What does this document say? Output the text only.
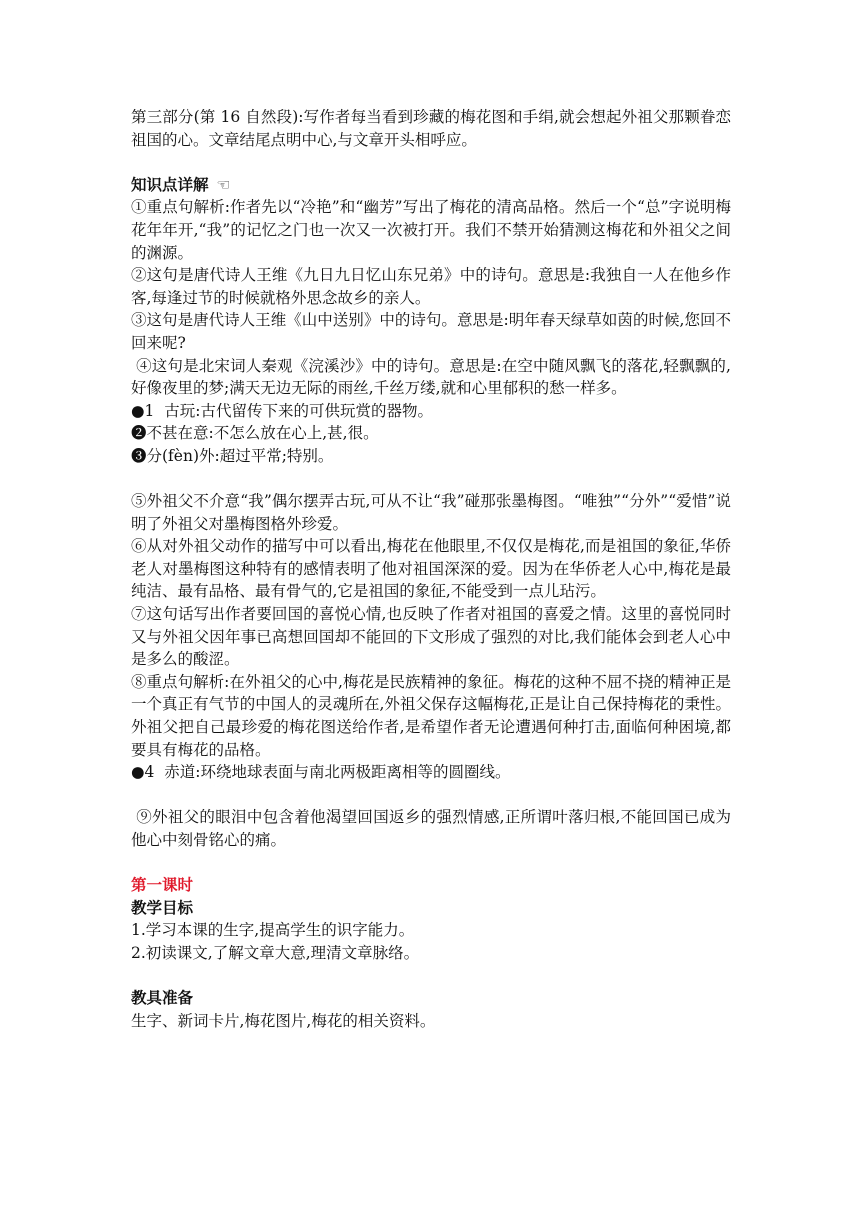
第三部分(第 16 自然段):写作者每当看到珍藏的梅花图和手绢,就会想起外祖父那颗眷恋祖国的心。文章结尾点明中心,与文章开头相呼应。

知识点详解 ☜

①重点句解析:作者先以“冷艳”和“幽芳”写出了梅花的清高品格。然后一个“总”字说明梅花年年开,“我”的记忆之门也一次又一次被打开。我们不禁开始猜测这梅花和外祖父之间的渊源。

②这句是唐代诗人王维《九日九日忆山东兄弟》中的诗句。意思是:我独自一人在他乡作客,每逢过节的时候就格外思念故乡的亲人。

③这句是唐代诗人王维《山中送别》中的诗句。意思是:明年春天绿草如茵的时候,您回不回来呢?

④这句是北宋词人秦观《浣溪沙》中的诗句。意思是:在空中随风飘飞的落花,轻飘飘的,好像夜里的梦;满天无边无际的雨丝,千丝万缕,就和心里郁积的愁一样多。

●1  古玩:古代留传下来的可供玩赏的器物。

❷不甚在意:不怎么放在心上,甚,很。

❸分(fèn)外:超过平常;特别。

⑤外祖父不介意“我”偶尔摆弄古玩,可从不让“我”碰那张墨梅图。“唯独”“分外”“爱惜”说明了外祖父对墨梅图格外珍爱。

⑥从对外祖父动作的描写中可以看出,梅花在他眼里,不仅仅是梅花,而是祖国的象征,华侨老人对墨梅图这种特有的感情表明了他对祖国深深的爱。因为在华侨老人心中,梅花是最纯洁、最有品格、最有骨气的,它是祖国的象征,不能受到一点儿玷污。

⑦这句话写出作者要回国的喜悦心情,也反映了作者对祖国的喜爱之情。这里的喜悦同时又与外祖父因年事已高想回国却不能回的下文形成了强烈的对比,我们能体会到老人心中是多么的酸涩。

⑧重点句解析:在外祖父的心中,梅花是民族精神的象征。梅花的这种不屈不挠的精神正是一个真正有气节的中国人的灵魂所在,外祖父保存这幅梅花,正是让自己保持梅花的秉性。外祖父把自己最珍爱的梅花图送给作者,是希望作者无论遭遇何种打击,面临何种困境,都要具有梅花的品格。

●4  赤道:环绕地球表面与南北两极距离相等的圆圈线。

⑨外祖父的眼泪中包含着他渴望回国返乡的强烈情感,正所谓叶落归根,不能回国已成为他心中刻骨铭心的痛。

第一课时

教学目标

1.学习本课的生字,提高学生的识字能力。

2.初读课文,了解文章大意,理清文章脉络。

教具准备

生字、新词卡片,梅花图片,梅花的相关资料。
